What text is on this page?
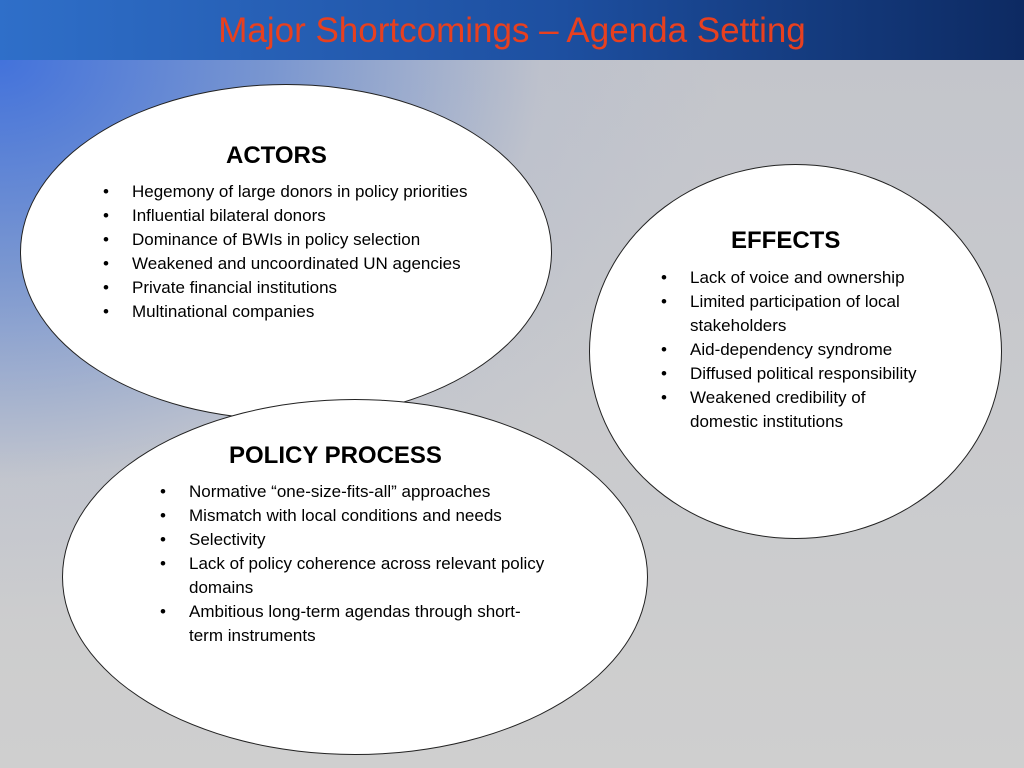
Major Shortcomings – Agenda Setting
ACTORS
• Hegemony of large donors in policy priorities
• Influential bilateral donors
• Dominance of BWIs in policy selection
• Weakened and uncoordinated UN agencies
• Private financial institutions
• Multinational companies
EFFECTS
• Lack of voice and ownership
• Limited participation of local stakeholders
• Aid-dependency syndrome
• Diffused political responsibility
• Weakened credibility of domestic institutions
POLICY PROCESS
• Normative “one-size-fits-all” approaches
• Mismatch with local conditions and needs
• Selectivity
• Lack of policy coherence across relevant policy domains
• Ambitious long-term agendas through short-term instruments
